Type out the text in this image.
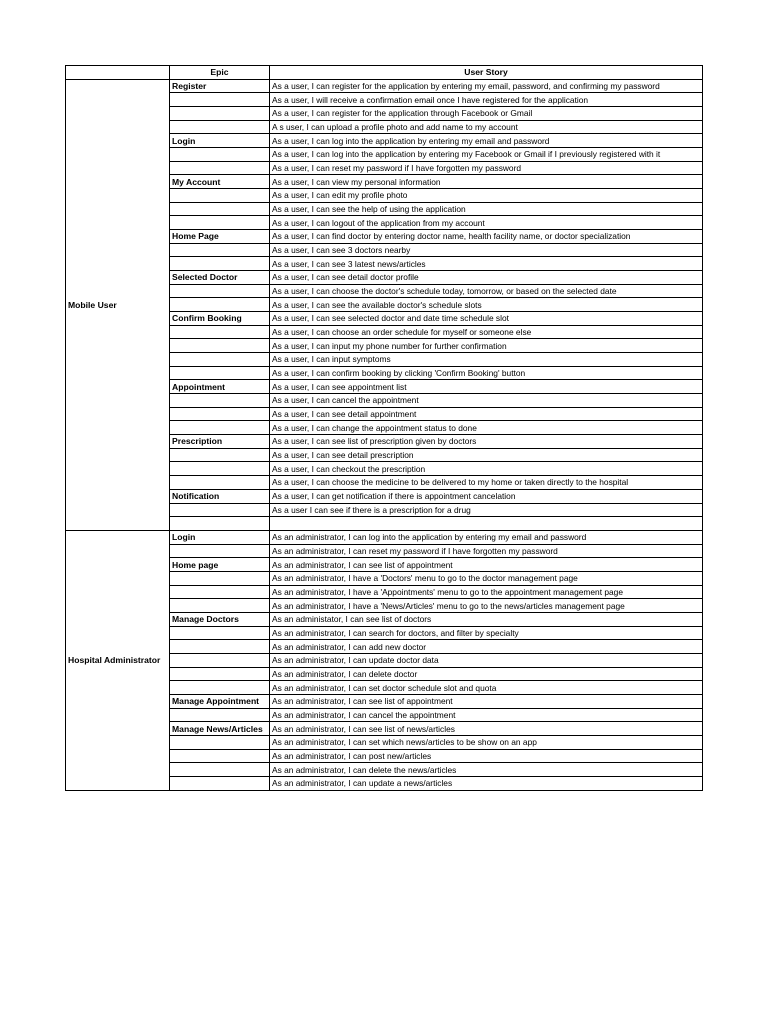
	Epic	User Story
Mobile User	Register	As a user, I can register for the application by entering my email, password, and confirming my password
		As a user, I will receive a confirmation email once I have registered for the application
		As a user, I can register for the application through Facebook or Gmail
		A s user, I can upload a profile photo and add name to my account
	Login	As a user, I can log into the application by entering my email and password
		As a user, I can log into the application by entering my Facebook or Gmail if I previously registered with it
		As a user, I can reset my password if I have forgotten my password
	My Account	As a user, I can view my personal information
		As a user, I can edit my profile photo
		As a user, I can see the help of using the application
		As a user, I can logout of the application from my account
	Home Page	As a user, I can find doctor by entering doctor name, health facility name, or doctor specialization
		As a user, I can see 3 doctors nearby
		As a user, I can see 3 latest news/articles
	Selected Doctor	As a user, I can see detail doctor profile
		As a user, I can choose the doctor's schedule today, tomorrow, or based on the selected date
		As a user, I can see the available doctor's schedule slots
	Confirm Booking	As a user, I can see selected doctor and date time schedule slot
		As a user, I can choose an order schedule for myself or someone else
		As a user, I can input my phone number for further confirmation
		As a user, I can input symptoms
		As a user, I can confirm booking by clicking 'Confirm Booking' button
	Appointment	As a user, I can see appointment list
		As a user, I can cancel the appointment
		As a user, I can see detail appointment
		As a user, I can change the appointment status to done
	Prescription	As a user, I can see list of prescription given by doctors
		As a user, I can see detail prescription
		As a user, I can checkout the prescription
		As a user, I can choose the medicine to be delivered to my home or taken directly to the hospital
	Notification	As a user, I can get notification if there is appointment cancelation
		As a user I can see if there is a prescription for a drug

Hospital Administrator	Login	As an administrator, I can log into the application by entering my email and password
		As an administrator, I can reset my password if I have forgotten my password
	Home page	As an administrator, I can see list of appointment
		As an administrator, I have a 'Doctors' menu to go to the doctor management page
		As an administrator, I have a 'Appointments' menu to go to the appointment management page
		As an administrator, I have a 'News/Articles' menu to go to the news/articles management page
	Manage Doctors	As an administator, I can see list of doctors
		As an administrator, I can search for doctors, and filter by specialty
		As an administrator, I can add new doctor
		As an administrator, I can update doctor data
		As an administrator, I can delete doctor
		As an administrator, I can set doctor schedule slot and quota
	Manage Appointment	As an administrator, I can see list of appointment
		As an administrator, I can cancel the appointment
	Manage News/Articles	As an administrator, I can see list of news/articles
		As an administrator, I can set which news/articles to be show on an app
		As an administrator, I can post new/articles
		As an administrator, I can delete the news/articles
		As an administrator, I can update a news/articles
